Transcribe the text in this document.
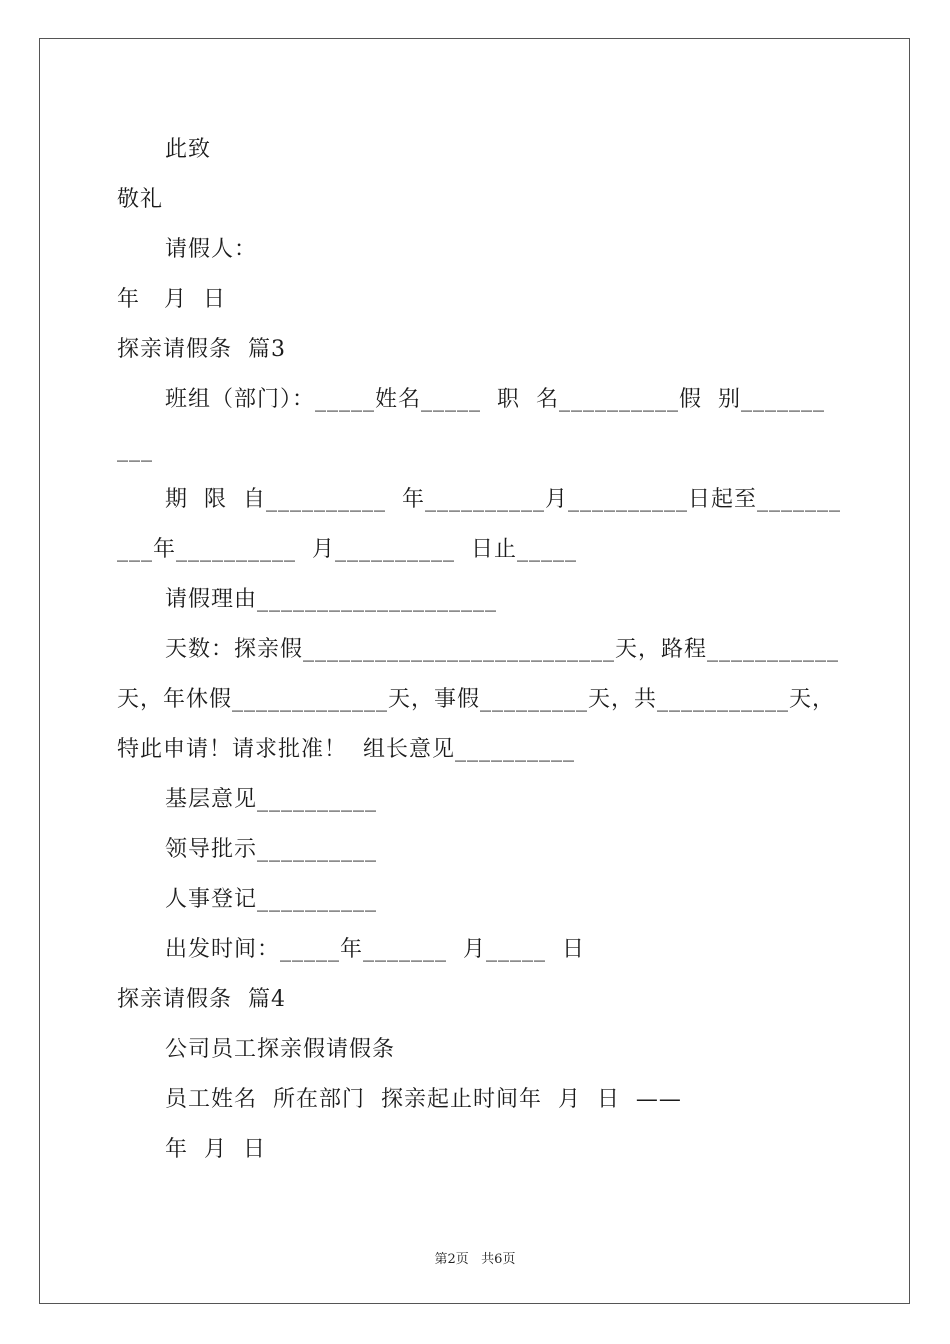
此致
敬礼
请假人：
年   月  日
探亲请假条  篇3
班组（部门）：_____姓名_____  职  名__________假  别_______
___
期  限  自__________  年__________月__________日起至_______
___年__________  月__________  日止_____
请假理由____________________
天数：探亲假__________________________天，路程___________
天，年休假_____________天，事假_________天，共___________天，
特此申请！请求批准！  组长意见__________
基层意见__________
领导批示__________
人事登记__________
出发时间：_____年_______  月_____  日
探亲请假条  篇4
公司员工探亲假请假条
员工姓名  所在部门  探亲起止时间年  月  日  ——
年  月  日
第2页   共6页
